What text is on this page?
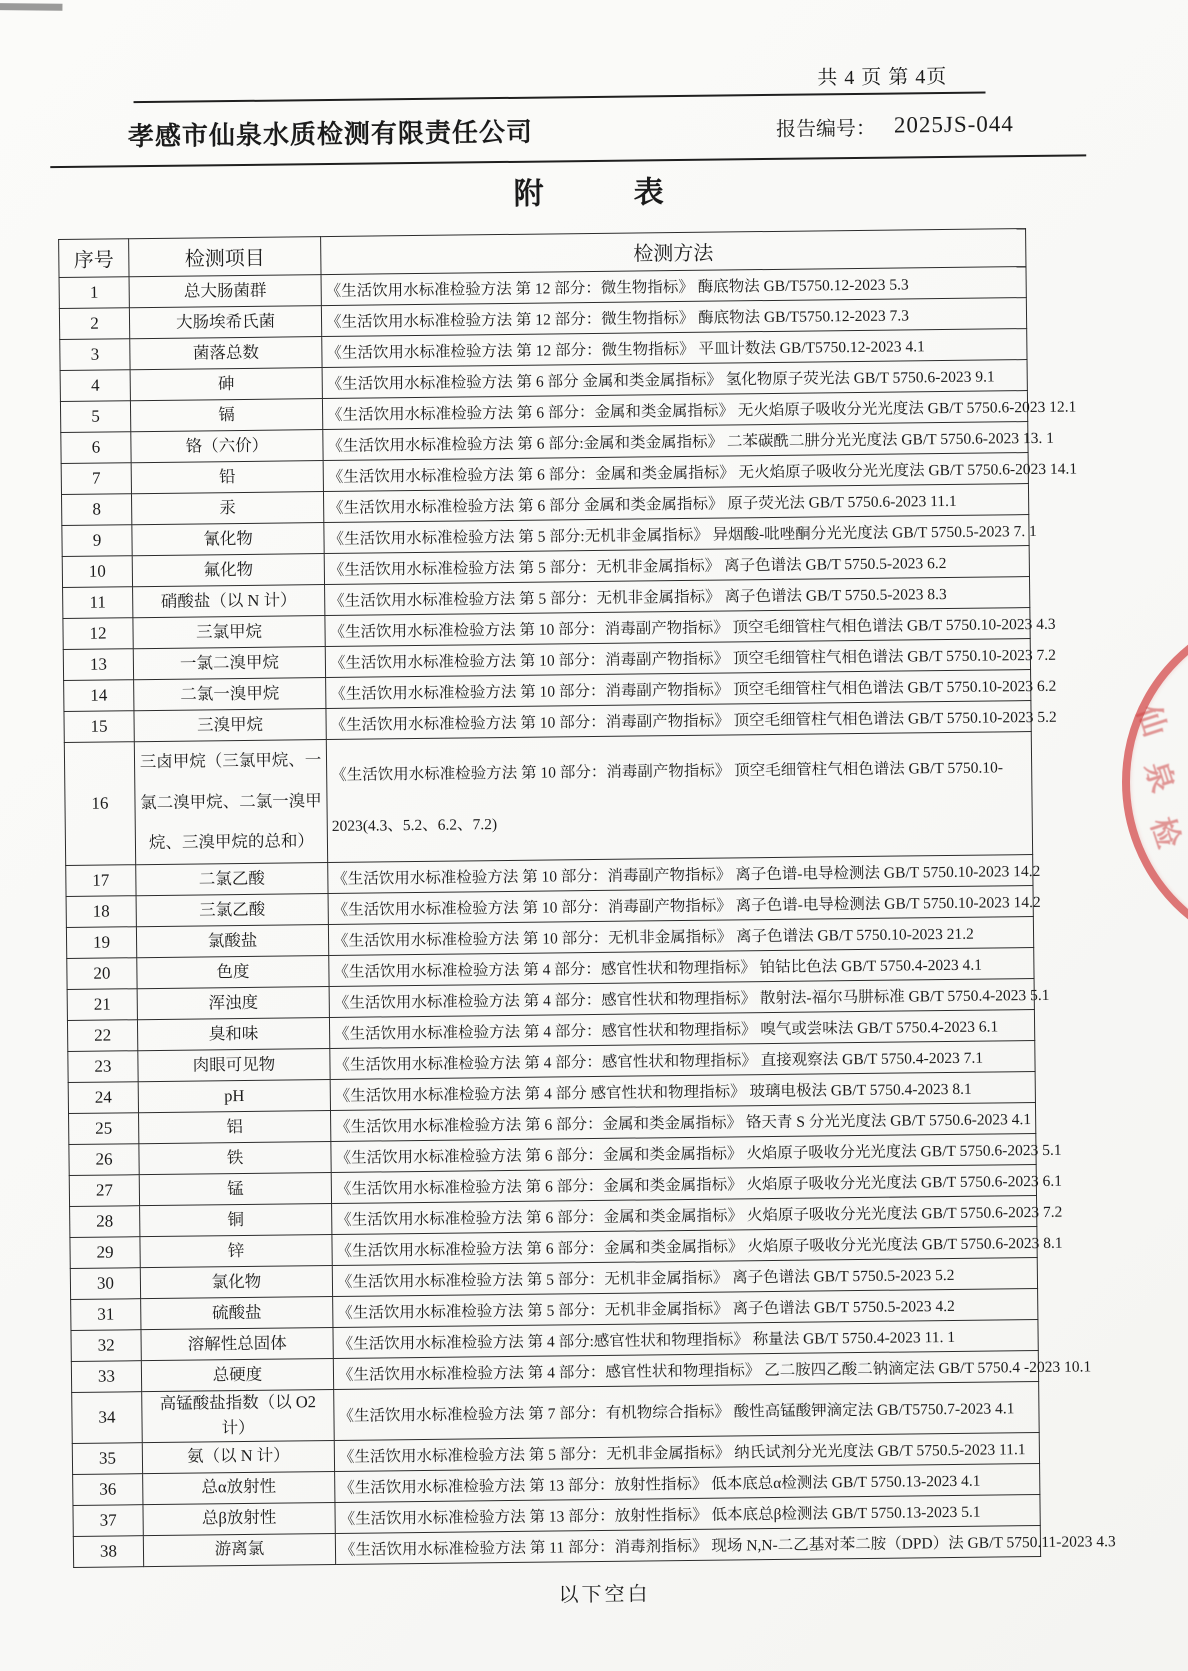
共 4 页 第 4页
孝感市仙泉水质检测有限责任公司	报告编号： 2025JS-044
附　　　表
序号	检测项目	检测方法
1	总大肠菌群	《生活饮用水标准检验方法 第 12 部分：微生物指标》 酶底物法 GB/T5750.12-2023 5.3
2	大肠埃希氏菌	《生活饮用水标准检验方法 第 12 部分：微生物指标》 酶底物法 GB/T5750.12-2023 7.3
3	菌落总数	《生活饮用水标准检验方法 第 12 部分：微生物指标》 平皿计数法 GB/T5750.12-2023 4.1
4	砷	《生活饮用水标准检验方法 第 6 部分 金属和类金属指标》 氢化物原子荧光法 GB/T 5750.6-2023 9.1
5	镉	《生活饮用水标准检验方法 第 6 部分：金属和类金属指标》 无火焰原子吸收分光光度法 GB/T 5750.6-2023 12.1
6	铬（六价）	《生活饮用水标准检验方法 第 6 部分:金属和类金属指标》 二苯碳酰二肼分光光度法 GB/T 5750.6-2023 13. 1
7	铅	《生活饮用水标准检验方法 第 6 部分：金属和类金属指标》 无火焰原子吸收分光光度法 GB/T 5750.6-2023 14.1
8	汞	《生活饮用水标准检验方法 第 6 部分 金属和类金属指标》 原子荧光法 GB/T 5750.6-2023 11.1
9	氰化物	《生活饮用水标准检验方法 第 5 部分:无机非金属指标》 异烟酸-吡唑酮分光光度法 GB/T 5750.5-2023 7. 1
10	氟化物	《生活饮用水标准检验方法 第 5 部分：无机非金属指标》 离子色谱法 GB/T 5750.5-2023 6.2
11	硝酸盐（以 N 计）	《生活饮用水标准检验方法 第 5 部分：无机非金属指标》 离子色谱法 GB/T 5750.5-2023 8.3
12	三氯甲烷	《生活饮用水标准检验方法 第 10 部分：消毒副产物指标》 顶空毛细管柱气相色谱法 GB/T 5750.10-2023 4.3
13	一氯二溴甲烷	《生活饮用水标准检验方法 第 10 部分：消毒副产物指标》 顶空毛细管柱气相色谱法 GB/T 5750.10-2023 7.2
14	二氯一溴甲烷	《生活饮用水标准检验方法 第 10 部分：消毒副产物指标》 顶空毛细管柱气相色谱法 GB/T 5750.10-2023 6.2
15	三溴甲烷	《生活饮用水标准检验方法 第 10 部分：消毒副产物指标》 顶空毛细管柱气相色谱法 GB/T 5750.10-2023 5.2
16	三卤甲烷（三氯甲烷、一氯二溴甲烷、二氯一溴甲烷、三溴甲烷的总和）	《生活饮用水标准检验方法 第 10 部分：消毒副产物指标》 顶空毛细管柱气相色谱法 GB/T 5750.10-2023(4.3、5.2、6.2、7.2)
17	二氯乙酸	《生活饮用水标准检验方法 第 10 部分：消毒副产物指标》 离子色谱-电导检测法 GB/T 5750.10-2023 14.2
18	三氯乙酸	《生活饮用水标准检验方法 第 10 部分：消毒副产物指标》 离子色谱-电导检测法 GB/T 5750.10-2023 14.2
19	氯酸盐	《生活饮用水标准检验方法 第 10 部分：无机非金属指标》 离子色谱法 GB/T 5750.10-2023 21.2
20	色度	《生活饮用水标准检验方法 第 4 部分：感官性状和物理指标》 铂钴比色法 GB/T 5750.4-2023 4.1
21	浑浊度	《生活饮用水标准检验方法 第 4 部分：感官性状和物理指标》 散射法-福尔马肼标准 GB/T 5750.4-2023 5.1
22	臭和味	《生活饮用水标准检验方法 第 4 部分：感官性状和物理指标》 嗅气或尝味法 GB/T 5750.4-2023 6.1
23	肉眼可见物	《生活饮用水标准检验方法 第 4 部分：感官性状和物理指标》 直接观察法 GB/T 5750.4-2023 7.1
24	pH	《生活饮用水标准检验方法 第 4 部分 感官性状和物理指标》 玻璃电极法 GB/T 5750.4-2023 8.1
25	铝	《生活饮用水标准检验方法 第 6 部分：金属和类金属指标》 铬天青 S 分光光度法 GB/T 5750.6-2023 4.1
26	铁	《生活饮用水标准检验方法 第 6 部分：金属和类金属指标》 火焰原子吸收分光光度法 GB/T 5750.6-2023 5.1
27	锰	《生活饮用水标准检验方法 第 6 部分：金属和类金属指标》 火焰原子吸收分光光度法 GB/T 5750.6-2023 6.1
28	铜	《生活饮用水标准检验方法 第 6 部分：金属和类金属指标》 火焰原子吸收分光光度法 GB/T 5750.6-2023 7.2
29	锌	《生活饮用水标准检验方法 第 6 部分：金属和类金属指标》 火焰原子吸收分光光度法 GB/T 5750.6-2023 8.1
30	氯化物	《生活饮用水标准检验方法 第 5 部分：无机非金属指标》 离子色谱法 GB/T 5750.5-2023 5.2
31	硫酸盐	《生活饮用水标准检验方法 第 5 部分：无机非金属指标》 离子色谱法 GB/T 5750.5-2023 4.2
32	溶解性总固体	《生活饮用水标准检验方法 第 4 部分:感官性状和物理指标》 称量法 GB/T 5750.4-2023 11. 1
33	总硬度	《生活饮用水标准检验方法 第 4 部分：感官性状和物理指标》 乙二胺四乙酸二钠滴定法 GB/T 5750.4 -2023 10.1
34	高锰酸盐指数（以 O2 计）	《生活饮用水标准检验方法 第 7 部分：有机物综合指标》 酸性高锰酸钾滴定法 GB/T5750.7-2023 4.1
35	氨（以 N 计）	《生活饮用水标准检验方法 第 5 部分：无机非金属指标》 纳氏试剂分光光度法 GB/T 5750.5-2023 11.1
36	总α放射性	《生活饮用水标准检验方法 第 13 部分：放射性指标》 低本底总α检测法 GB/T 5750.13-2023 4.1
37	总β放射性	《生活饮用水标准检验方法 第 13 部分：放射性指标》 低本底总β检测法 GB/T 5750.13-2023 5.1
38	游离氯	《生活饮用水标准检验方法 第 11 部分：消毒剂指标》 现场 N,N-二乙基对苯二胺（DPD）法 GB/T 5750.11-2023 4.3
以下空白
仙
泉
检
